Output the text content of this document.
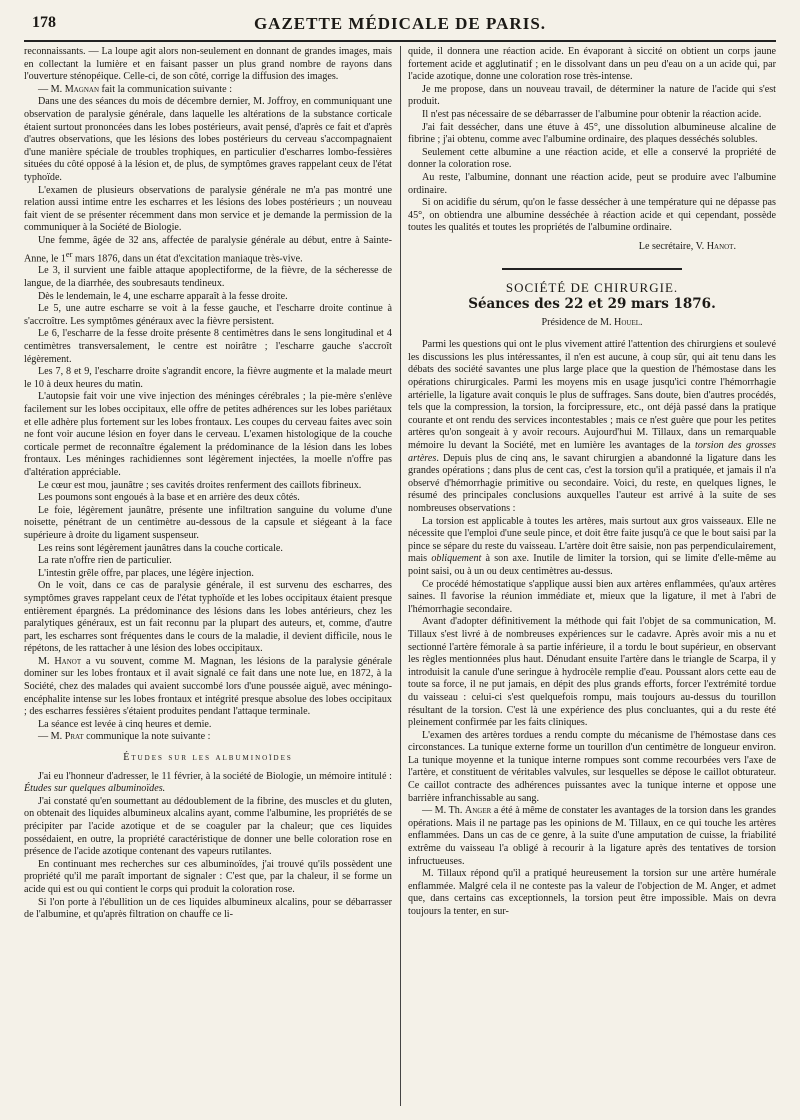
178	GAZETTE MÉDICALE DE PARIS.

reconnaissants. — La loupe agit alors non-seulement en donnant de grandes images, mais en collectant la lumière et en faisant passer un plus grand nombre de rayons dans l'ouverture sténopéique. Celle-ci, de son côté, corrige la diffusion des images.

— M. Magnan fait la communication suivante :

Dans une des séances du mois de décembre dernier, M. Joffroy, en communiquant une observation de paralysie générale, dans laquelle les altérations de la substance corticale étaient surtout prononcées dans les lobes postérieurs, avait pensé, d'après ce fait et d'après d'autres observations, que les lésions des lobes postérieurs du cerveau s'accompagnaient d'une manière spéciale de troubles trophiques, en particulier d'escharres lombo-fessières situées du côté opposé à la lésion et, de plus, de symptômes graves rappelant ceux de l'état typhoïde.

L'examen de plusieurs observations de paralysie générale ne m'a pas montré une relation aussi intime entre les escharres et les lésions des lobes postérieurs ; un nouveau fait vient de se présenter récemment dans mon service et je demande la permission de la communiquer à la Société de Biologie.

Une femme, âgée de 32 ans, affectée de paralysie générale au début, entre à Sainte-Anne, le 1er mars 1876, dans un état d'excitation maniaque très-vive.

Le 3, il survient une faible attaque apoplectiforme, de la fièvre, de la sécheresse de langue, de la diarrhée, des soubresauts tendineux.

Dès le lendemain, le 4, une escharre apparaît à la fesse droite.

Le 5, une autre escharre se voit à la fesse gauche, et l'escharre droite continue à s'accroître. Les symptômes généraux avec la fièvre persistent.

Le 6, l'escharre de la fesse droite présente 8 centimètres dans le sens longitudinal et 4 centimètres transversalement, le centre est noirâtre ; l'escharre gauche s'accroît légèrement.

Les 7, 8 et 9, l'escharre droite s'agrandit encore, la fièvre augmente et la malade meurt le 10 à deux heures du matin.

L'autopsie fait voir une vive injection des méninges cérébrales ; la pie-mère s'enlève facilement sur les lobes occipitaux, elle offre de petites adhérences sur les lobes pariétaux et elle adhère plus fortement sur les lobes frontaux. Les coupes du cerveau faites avec soin ne font voir aucune lésion en foyer dans le cerveau. L'examen histologique de la couche corticale permet de reconnaître également la prédominance de la lésion dans les lobes frontaux. Les méninges rachidiennes sont légèrement injectées, la moelle n'offre pas d'altération appréciable.

Le cœur est mou, jaunâtre ; ses cavités droites renferment des caillots fibrineux.

Les poumons sont engoués à la base et en arrière des deux côtés.

Le foie, légèrement jaunâtre, présente une infiltration sanguine du volume d'une noisette, pénétrant de un centimètre au-dessous de la capsule et siégeant à la face supérieure à droite du ligament suspenseur.

Les reins sont légèrement jaunâtres dans la couche corticale.

La rate n'offre rien de particulier.

L'intestin grêle offre, par places, une légère injection.

On le voit, dans ce cas de paralysie générale, il est survenu des escharres, des symptômes graves rappelant ceux de l'état typhoïde et les lobes occipitaux étaient presque entièrement épargnés. La prédominance des lésions dans les lobes antérieurs, chez les paralytiques généraux, est un fait reconnu par la plupart des auteurs, et, comme, d'autre part, les escharres sont fréquentes dans le cours de la maladie, il devient difficile, nous le répétons, de les rattacher à une lésion des lobes occipitaux.

M. Hanot a vu souvent, comme M. Magnan, les lésions de la paralysie générale dominer sur les lobes frontaux et il avait signalé ce fait dans une note lue, en 1872, à la Société, chez des malades qui avaient succombé lors d'une poussée aiguë, avec méningo-encéphalite intense sur les lobes frontaux et intégrité presque absolue des lobes occipitaux ; des escharres fessières s'étaient produites pendant l'attaque terminale.

La séance est levée à cinq heures et demie.

— M. Prat communique la note suivante :

Études sur les albuminoïdes

J'ai eu l'honneur d'adresser, le 11 février, à la société de Biologie, un mémoire intitulé : Études sur quelques albuminoïdes.

J'ai constaté qu'en soumettant au dédoublement de la fibrine, des muscles et du gluten, on obtenait des liquides albumineux alcalins ayant, comme l'albumine, les propriétés de se précipiter par l'acide azotique et de se coaguler par la chaleur; que ces liquides possédaient, en outre, la propriété caractéristique de donner une belle coloration rose en présence de l'acide azotique contenant des vapeurs rutilantes.

En continuant mes recherches sur ces albuminoïdes, j'ai trouvé qu'ils possèdent une propriété qu'il me paraît important de signaler : C'est que, par la chaleur, il se forme un acide qui est ou qui contient le corps qui produit la coloration rose.

Si l'on porte à l'ébullition un de ces liquides albumineux alcalins, pour se débarrasser de l'albumine, et qu'après filtration on chauffe ce li-

quide, il donnera une réaction acide. En évaporant à siccité on obtient un corps jaune fortement acide et agglutinatif ; en le dissolvant dans un peu d'eau on a un acide qui, par l'acide azotique, donne une coloration rose très-intense.

Je me propose, dans un nouveau travail, de déterminer la nature de l'acide qui s'est produit.

Il n'est pas nécessaire de se débarrasser de l'albumine pour obtenir la réaction acide.

J'ai fait dessécher, dans une étuve à 45°, une dissolution albumineuse alcaline de fibrine ; j'ai obtenu, comme avec l'albumine ordinaire, des plaques desséchés solubles.

Seulement cette albumine a une réaction acide, et elle a conservé la propriété de donner la coloration rose.

Au reste, l'albumine, donnant une réaction acide, peut se produire avec l'albumine ordinaire.

Si on acidifie du sérum, qu'on le fasse dessécher à une température qui ne dépasse pas 45°, on obtiendra une albumine desséchée à réaction acide et qui cependant, possède toutes les qualités et toutes les propriétés de l'albumine ordinaire.

Le secrétaire, V. Hanot.

SOCIÉTÉ DE CHIRURGIE.

Séances des 22 et 29 mars 1876.

Présidence de M. Houel.

Parmi les questions qui ont le plus vivement attiré l'attention des chirurgiens et soulevé les discussions les plus intéressantes, il n'en est aucune, à coup sûr, qui ait tenu dans les débats des société savantes une plus large place que la question de l'hémostase dans les opérations chirurgicales. Parmi les moyens mis en usage jusqu'ici contre l'hémorrhagie artérielle, la ligature avait conquis le plus de suffrages. Sans doute, bien d'autres procédés, tels que la compression, la torsion, la forcipressure, etc., ont déjà passé dans la pratique courante et ont rendu des services incontestables ; mais ce n'est guère que pour les petites artères qu'on songeait à y avoir recours. Aujourd'hui M. Tillaux, dans un remarquable mémoire lu devant la Société, met en lumière les avantages de la torsion des grosses artères. Depuis plus de cinq ans, le savant chirurgien a abandonné la ligature dans les grandes opérations ; dans plus de cent cas, c'est la torsion qu'il a pratiquée, et jamais il n'a observé d'hémorrhagie primitive ou secondaire. Voici, du reste, en quelques lignes, le résumé des principales conclusions auxquelles l'auteur est arrivé à la suite de ses nombreuses observations :

La torsion est applicable à toutes les artères, mais surtout aux gros vaisseaux. Elle ne nécessite que l'emploi d'une seule pince, et doit être faite jusqu'à ce que le bout saisi par la pince se sépare du reste du vaisseau. L'artère doit être saisie, non pas perpendiculairement, mais obliquement à son axe. Inutile de limiter la torsion, qui se limite d'elle-même au point saisi, ou à un ou deux centimètres au-dessus.

Ce procédé hémostatique s'applique aussi bien aux artères enflammées, qu'aux artères saines. Il favorise la réunion immédiate et, mieux que la ligature, il met à l'abri de l'hémorrhagie secondaire.

Avant d'adopter définitivement la méthode qui fait l'objet de sa communication, M. Tillaux s'est livré à de nombreuses expériences sur le cadavre. Après avoir mis a nu et sectionné l'artère fémorale à sa partie inférieure, il a tordu le bout supérieur, en observant les règles mentionnées plus haut. Dénudant ensuite l'artère dans le triangle de Scarpa, il y introduisit la canule d'une seringue à hydrocèle remplie d'eau. Poussant alors cette eau de toute sa force, il ne put jamais, en dépit des plus grands efforts, forcer l'extrémité tordue du vaisseau : celui-ci s'est quelquefois rompu, mais toujours au-dessus du tourillon résultant de la torsion. C'est là une expérience des plus concluantes, qui a du reste été pleinement confirmée par les faits cliniques.

L'examen des artères tordues a rendu compte du mécanisme de l'hémostase dans ces circonstances. La tunique externe forme un tourillon d'un centimètre de longueur environ. La tunique moyenne et la tunique interne rompues sont comme recourbées vers l'axe de l'artère, et constituent de véritables valvules, sur lesquelles se dépose le caillot obturateur. Ce caillot contracte des adhérences puissantes avec la tunique interne et oppose une barrière infranchissable au sang.

— M. Th. Anger a été à même de constater les avantages de la torsion dans les grandes opérations. Mais il ne partage pas les opinions de M. Tillaux, en ce qui touche les artères enflammées. Dans un cas de ce genre, à la suite d'une amputation de cuisse, la friabilité extrême du vaisseau l'a obligé à recourir à la ligature après des tentatives de torsion infructueuses.

M. Tillaux répond qu'il a pratiqué heureusement la torsion sur une artère humérale enflammée. Malgré cela il ne conteste pas la valeur de l'objection de M. Anger, et admet que, dans certains cas exceptionnels, la torsion peut être impossible. Mais on devra toujours la tenter, en sur-
